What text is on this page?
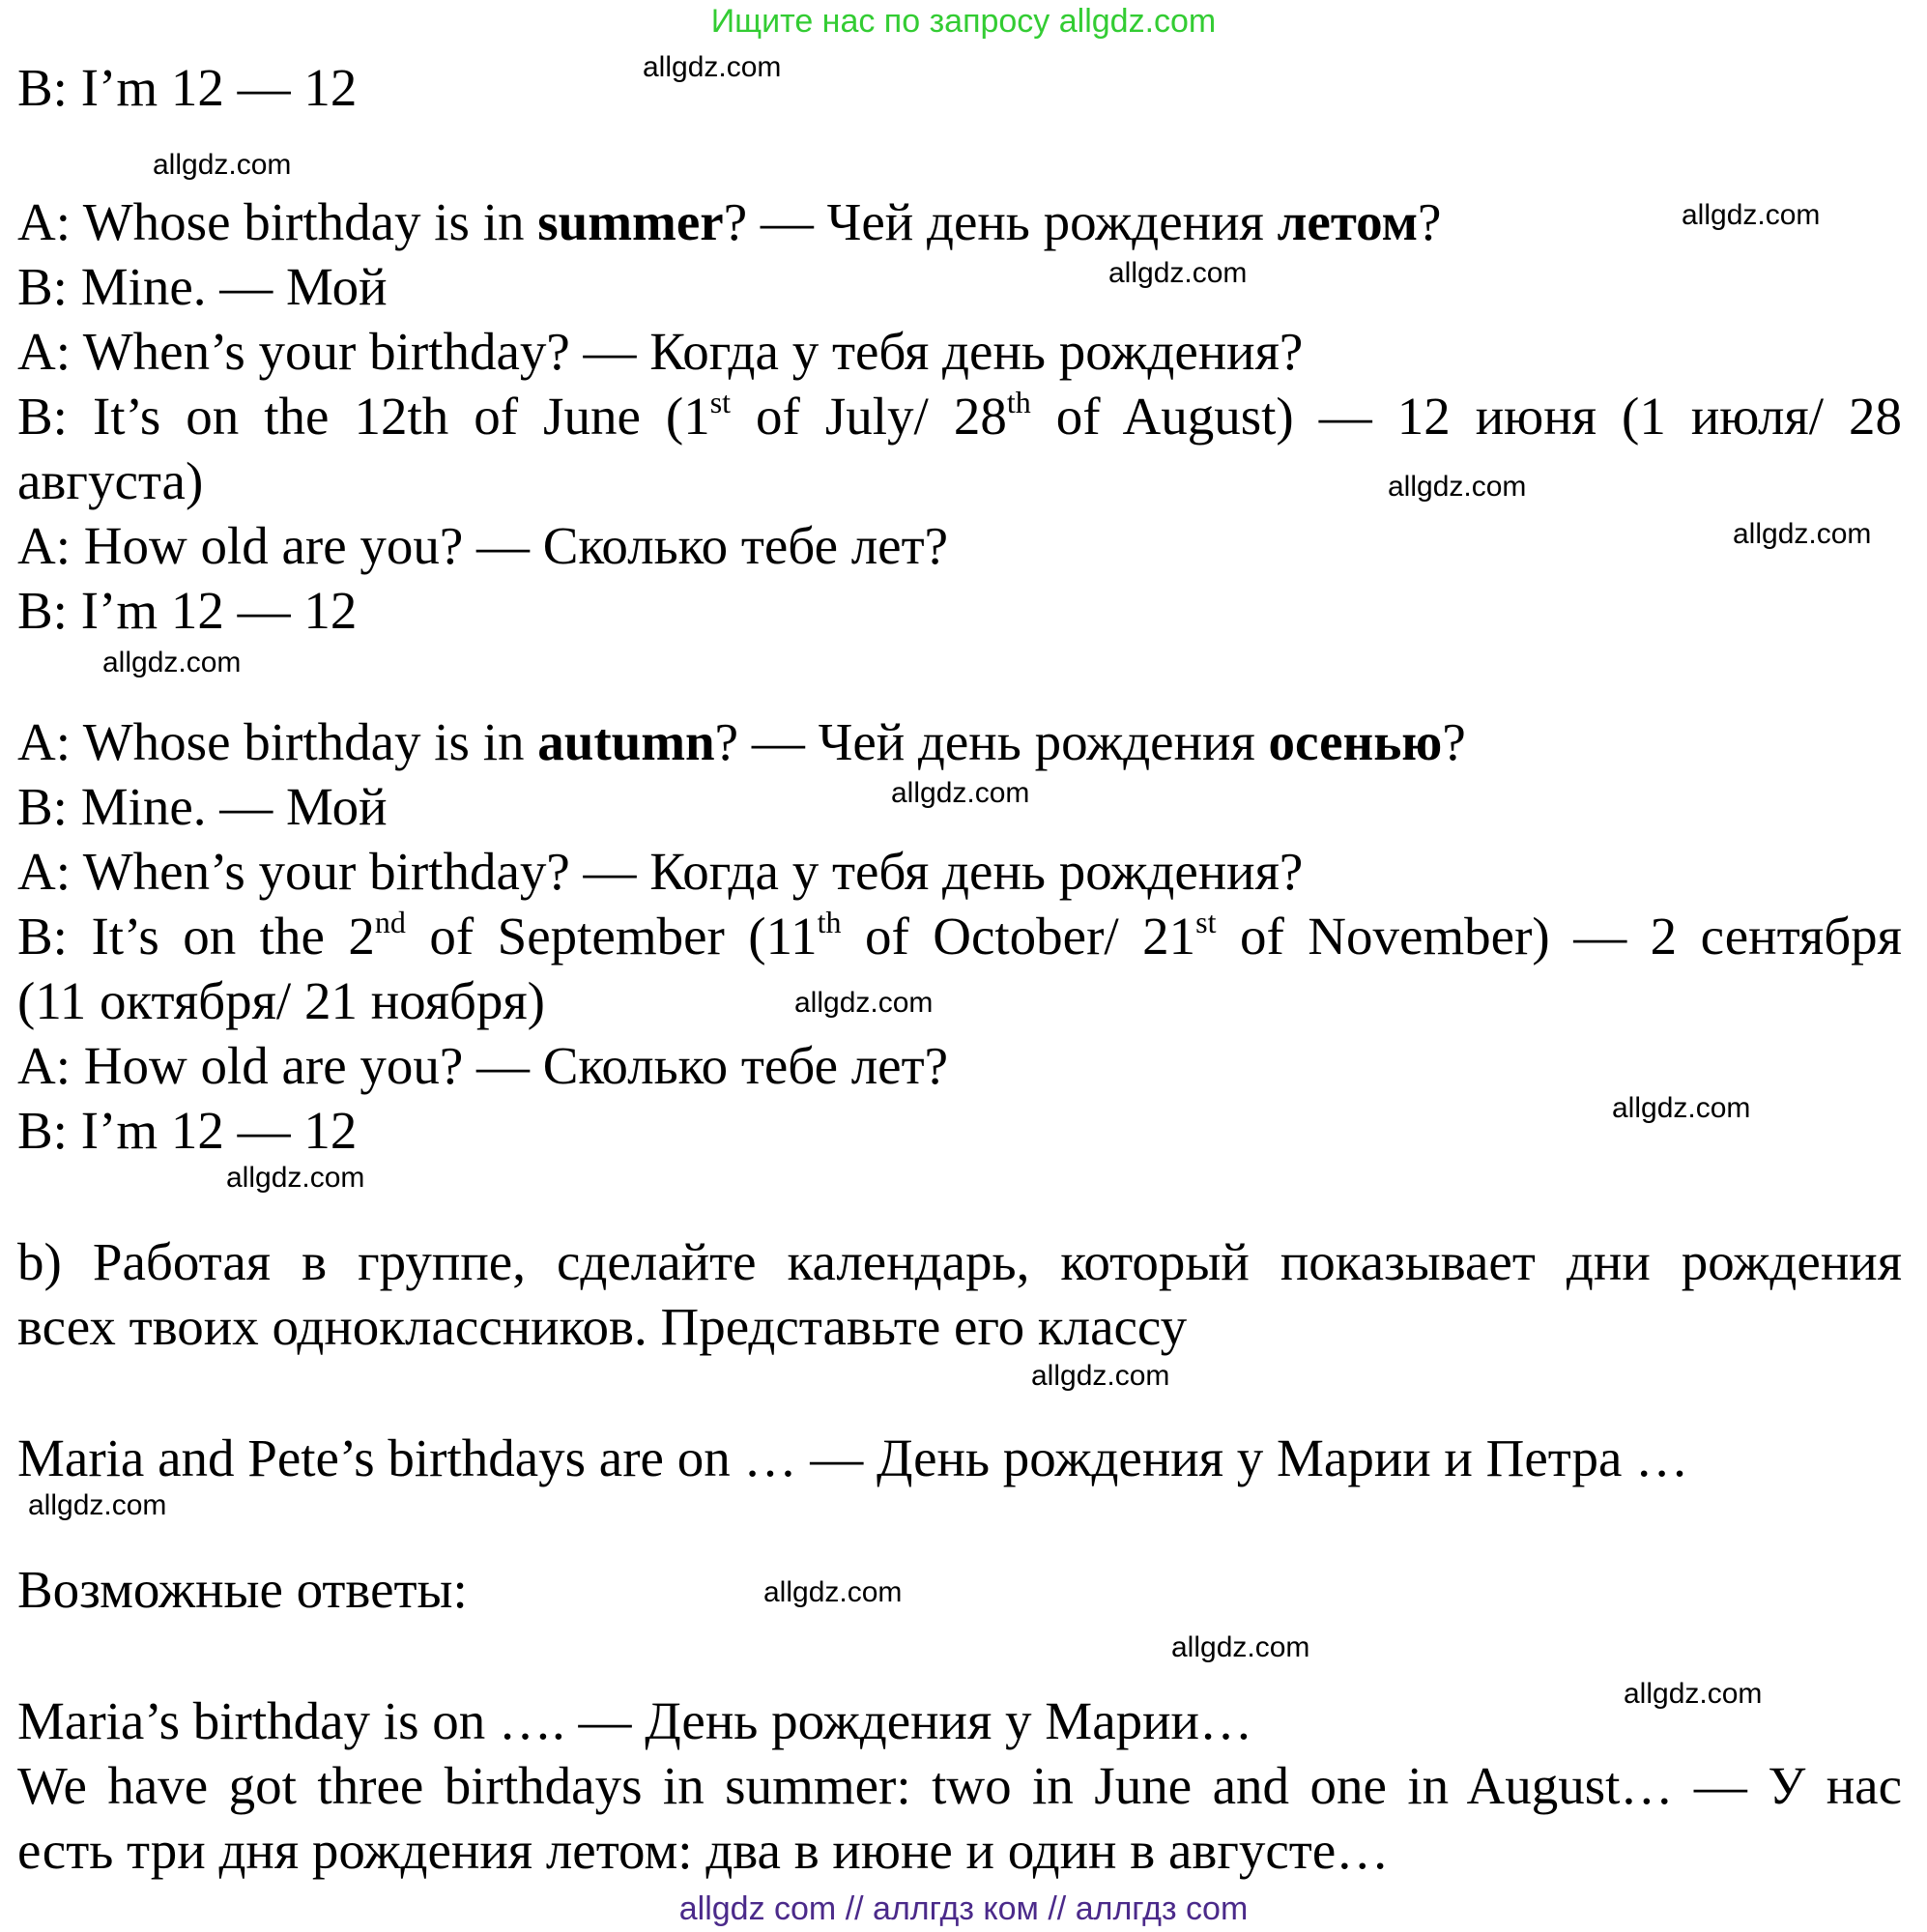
Ищите нас по запросу allgdz.com
B: I’m 12 — 12
A: Whose birthday is in summer? — Чей день рождения летом?
B: Mine. — Мой
A: When’s your birthday? — Когда у тебя день рождения?
B: It’s on the 12th of June (1st of July/ 28th of August) — 12 июня (1 июля/ 28
августа)
A: How old are you? — Сколько тебе лет?
B: I’m 12 — 12
A: Whose birthday is in autumn? — Чей день рождения осенью?
B: Mine. — Мой
A: When’s your birthday? — Когда у тебя день рождения?
B: It’s on the 2nd of September (11th of October/ 21st of November) — 2 сентября
(11 октября/ 21 ноября)
A: How old are you? — Сколько тебе лет?
B: I’m 12 — 12
b) Работая в группе, сделайте календарь, который показывает дни рождения
всех твоих одноклассников. Представьте его классу
Maria and Pete’s birthdays are on … — День рождения у Марии и Петра …
Возможные ответы:
Maria’s birthday is on …. — День рождения у Марии…
We have got three birthdays in summer: two in June and one in August… — У нас
есть три дня рождения летом: два в июне и один в августе…
allgdz.com
allgdz.com
allgdz.com
allgdz.com
allgdz.com
allgdz.com
allgdz.com
allgdz.com
allgdz.com
allgdz.com
allgdz.com
allgdz.com
allgdz.com
allgdz.com
allgdz.com
allgdz.com
allgdz com // аллгдз ком // аллгдз com
